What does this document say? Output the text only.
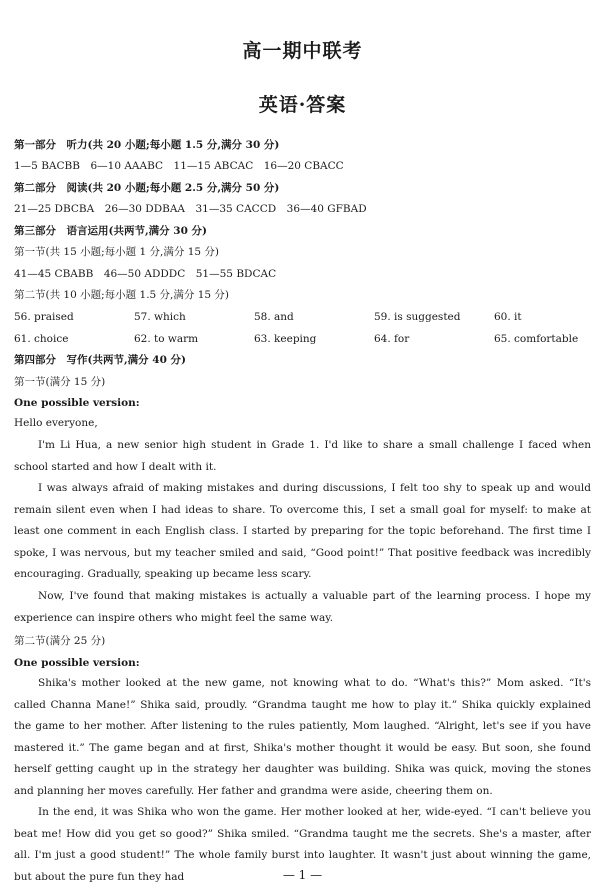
高一期中联考
英语·答案
第一部分　听力(共 20 小题;每小题 1.5 分,满分 30 分)
1—5 BACBB　6—10 AAABC　11—15 ABCAC　16—20 CBACC
第二部分　阅读(共 20 小题;每小题 2.5 分,满分 50 分)
21—25 DBCBA　26—30 DDBAA　31—35 CACCD　36—40 GFBAD
第三部分　语言运用(共两节,满分 30 分)
第一节(共 15 小题;每小题 1 分,满分 15 分)
41—45 CBABB　46—50 ADDDC　51—55 BDCAC
第二节(共 10 小题;每小题 1.5 分,满分 15 分)
56. praised	57. which	58. and	59. is suggested	60. it
61. choice	62. to warm	63. keeping	64. for	65. comfortable
第四部分　写作(共两节,满分 40 分)
第一节(满分 15 分)
One possible version:

Hello everyone,

I'm Li Hua, a new senior high student in Grade 1. I'd like to share a small challenge I faced when school started and how I dealt with it.

I was always afraid of making mistakes and during discussions, I felt too shy to speak up and would remain silent even when I had ideas to share. To overcome this, I set a small goal for myself: to make at least one comment in each English class. I started by preparing for the topic beforehand. The first time I spoke, I was nervous, but my teacher smiled and said, “Good point!” That positive feedback was incredibly encouraging. Gradually, speaking up became less scary.

Now, I've found that making mistakes is actually a valuable part of the learning process. I hope my experience can inspire others who might feel the same way.

第二节(满分 25 分)
One possible version:

Shika's mother looked at the new game, not knowing what to do. “What's this?” Mom asked. “It's called Channa Mane!” Shika said, proudly. “Grandma taught me how to play it.” Shika quickly explained the game to her mother. After listening to the rules patiently, Mom laughed. “Alright, let's see if you have mastered it.” The game began and at first, Shika's mother thought it would be easy. But soon, she found herself getting caught up in the strategy her daughter was building. Shika was quick, moving the stones and planning her moves carefully. Her father and grandma were aside, cheering them on.

In the end, it was Shika who won the game. Her mother looked at her, wide-eyed. “I can't believe you beat me! How did you get so good?” Shika smiled. “Grandma taught me the secrets. She's a master, after all. I'm just a good student!” The whole family burst into laughter. It wasn't just about winning the game, but about the pure fun they had	— 1 —
